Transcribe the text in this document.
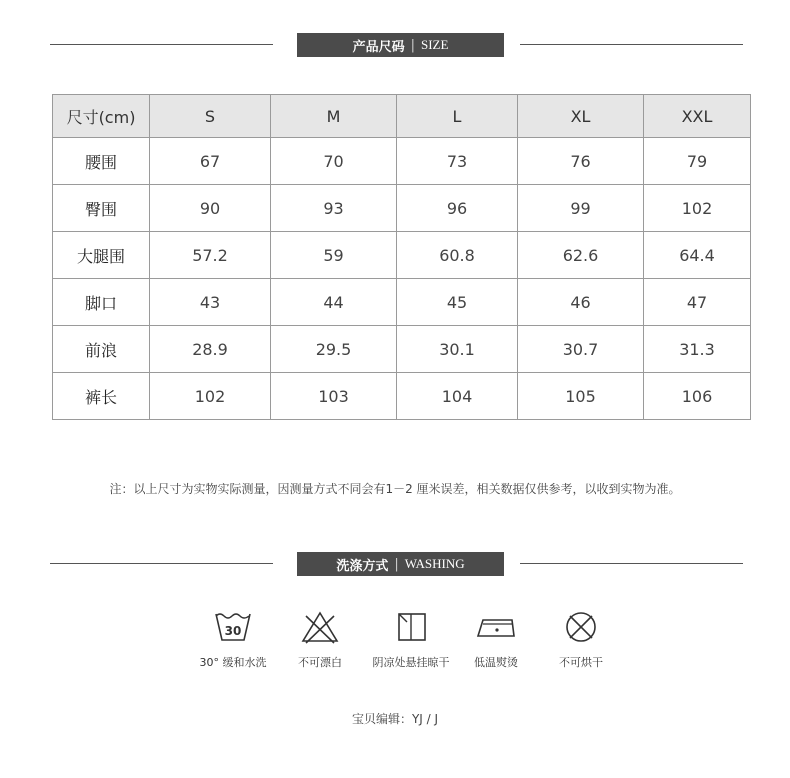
产品尺码 | SIZE
尺寸(cm)	S	M	L	XL	XXL
腰围	67	70	73	76	79
臀围	90	93	96	99	102
大腿围	57.2	59	60.8	62.6	64.4
脚口	43	44	45	46	47
前浪	28.9	29.5	30.1	30.7	31.3
裤长	102	103	104	105	106
注：以上尺寸为实物实际测量，因测量方式不同会有1－2 厘米误差，相关数据仅供参考，以收到实物为准。
洗涤方式 | WASHING
30
30° 缓和水洗	不可漂白	阴凉处悬挂晾干	低温熨烫	不可烘干
宝贝编辑：YJ / J
